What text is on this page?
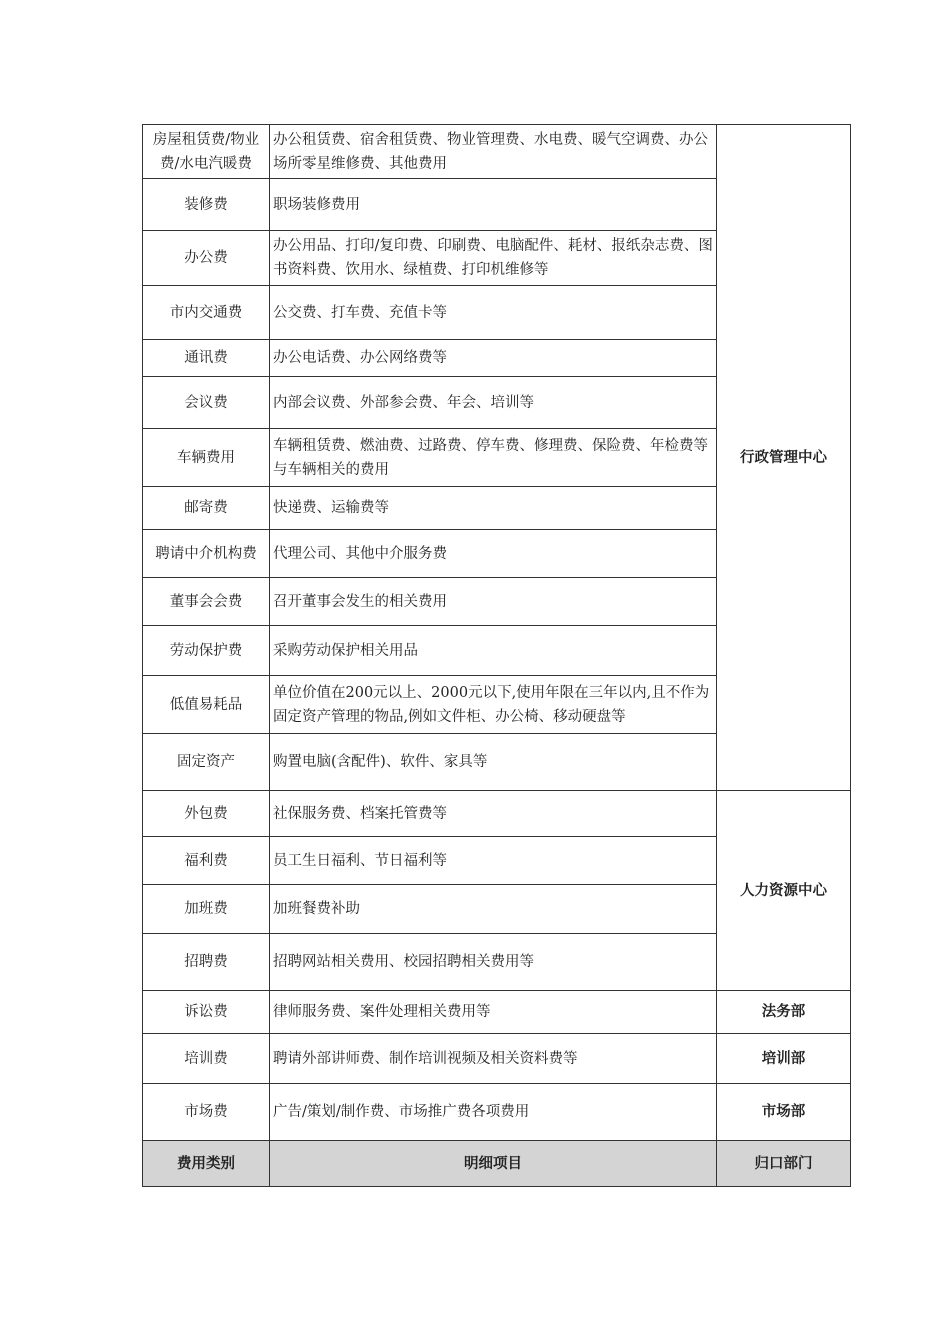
房屋租赁费/物业费/水电汽暖费	办公租赁费、宿舍租赁费、物业管理费、水电费、暖气空调费、办公场所零星维修费、其他费用	行政管理中心
装修费	职场装修费用	
办公费	办公用品、打印/复印费、印刷费、电脑配件、耗材、报纸杂志费、图书资料费、饮用水、绿植费、打印机维修等	
市内交通费	公交费、打车费、充值卡等	
通讯费	办公电话费、办公网络费等	
会议费	内部会议费、外部参会费、年会、培训等	
车辆费用	车辆租赁费、燃油费、过路费、停车费、修理费、保险费、年检费等与车辆相关的费用	
邮寄费	快递费、运输费等	
聘请中介机构费	代理公司、其他中介服务费	
董事会会费	召开董事会发生的相关费用	
劳动保护费	采购劳动保护相关用品	
低值易耗品	单位价值在200元以上、2000元以下,使用年限在三年以内,且不作为固定资产管理的物品,例如文件柜、办公椅、移动硬盘等	
固定资产	购置电脑(含配件)、软件、家具等	
外包费	社保服务费、档案托管费等	人力资源中心
福利费	员工生日福利、节日福利等	
加班费	加班餐费补助	
招聘费	招聘网站相关费用、校园招聘相关费用等	
诉讼费	律师服务费、案件处理相关费用等	法务部
培训费	聘请外部讲师费、制作培训视频及相关资料费等	培训部
市场费	广告/策划/制作费、市场推广费各项费用	市场部
费用类别	明细项目	归口部门
